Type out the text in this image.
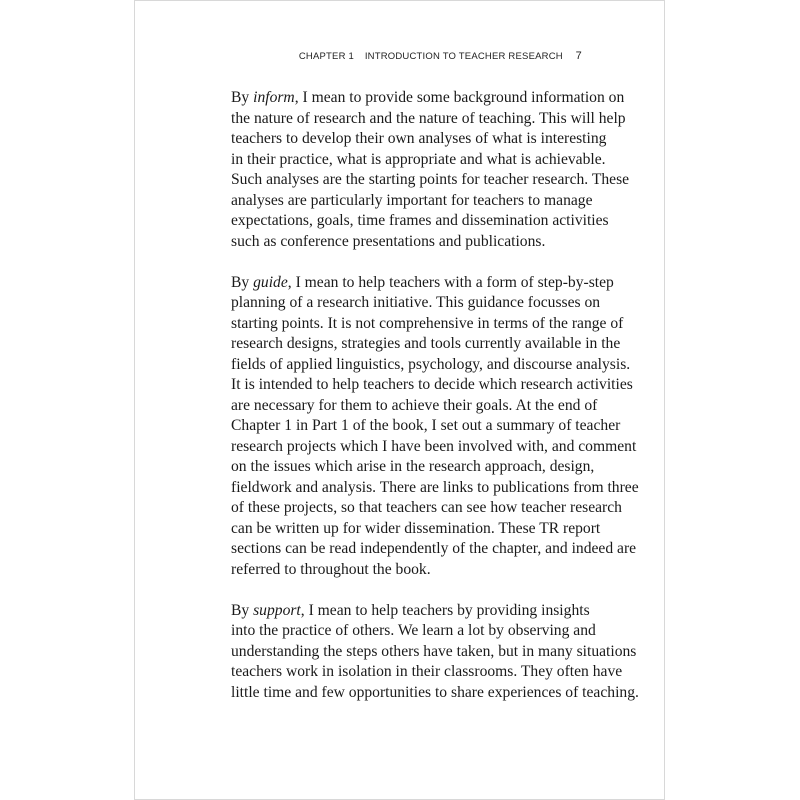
CHAPTER 1 INTRODUCTION TO TEACHER RESEARCH 7
By inform, I mean to provide some background information on
the nature of research and the nature of teaching. This will help
teachers to develop their own analyses of what is interesting
in their practice, what is appropriate and what is achievable.
Such analyses are the starting points for teacher research. These
analyses are particularly important for teachers to manage
expectations, goals, time frames and dissemination activities
such as conference presentations and publications.
By guide, I mean to help teachers with a form of step-by-step
planning of a research initiative. This guidance focusses on
starting points. It is not comprehensive in terms of the range of
research designs, strategies and tools currently available in the
fields of applied linguistics, psychology, and discourse analysis.
It is intended to help teachers to decide which research activities
are necessary for them to achieve their goals. At the end of
Chapter 1 in Part 1 of the book, I set out a summary of teacher
research projects which I have been involved with, and comment
on the issues which arise in the research approach, design,
fieldwork and analysis. There are links to publications from three
of these projects, so that teachers can see how teacher research
can be written up for wider dissemination. These TR report
sections can be read independently of the chapter, and indeed are
referred to throughout the book.
By support, I mean to help teachers by providing insights
into the practice of others. We learn a lot by observing and
understanding the steps others have taken, but in many situations
teachers work in isolation in their classrooms. They often have
little time and few opportunities to share experiences of teaching.
